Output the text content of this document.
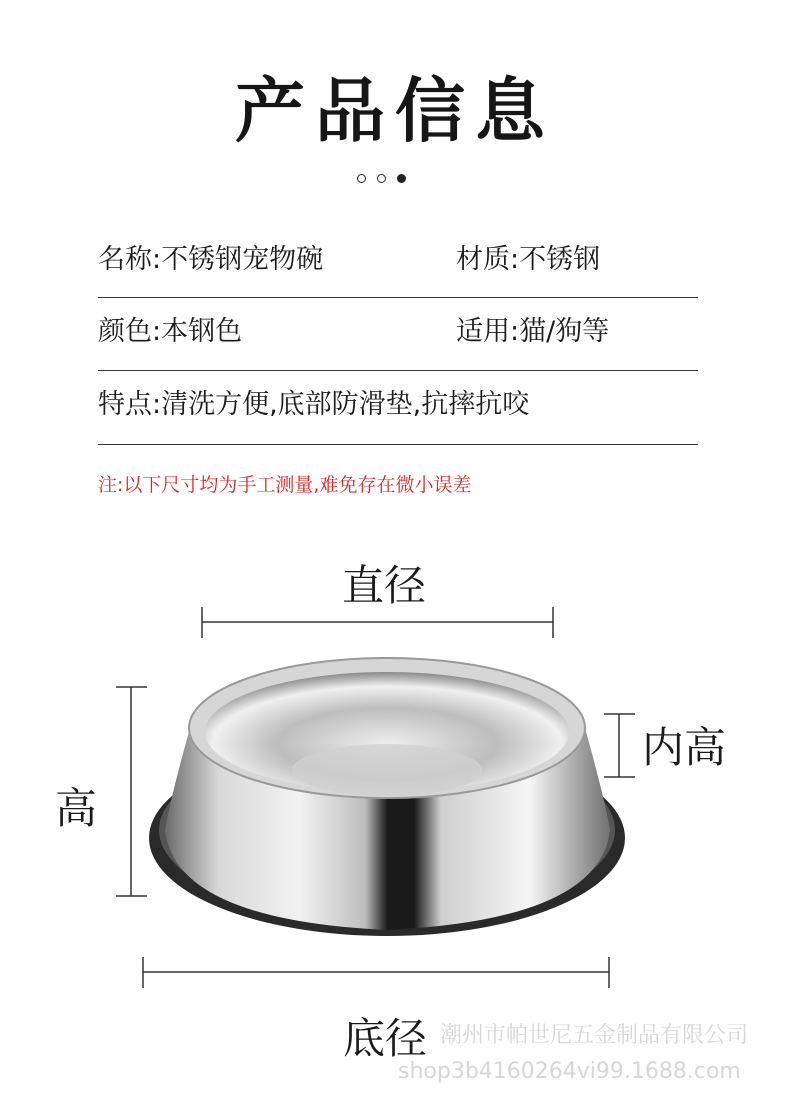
产品信息
名称:不锈钢宠物碗	材质:不锈钢
颜色:本钢色	适用:猫/狗等
特点:清洗方便,底部防滑垫,抗摔抗咬
注:以下尺寸均为手工测量,难免存在微小误差
直径
高
内高
底径 潮州市帕世尼五金制品有限公司
shop3b4160264vi99.1688.com
